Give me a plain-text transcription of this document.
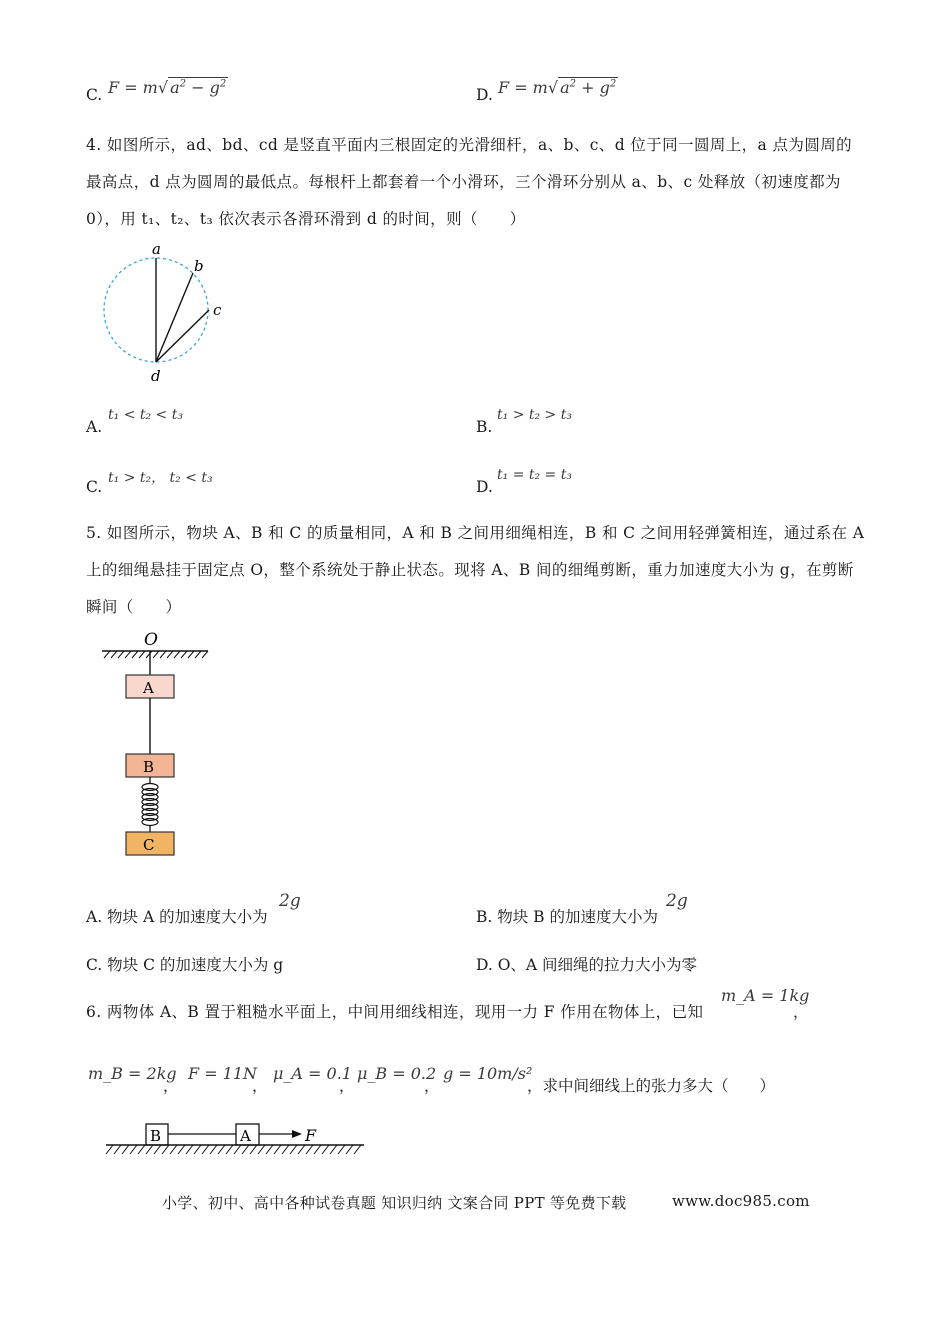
C. F = m√ $a^2 - g^2$
D. F = m√ $a^2 + g^2$
4. 如图所示，ad、bd、cd 是竖直平面内三根固定的光滑细杆，a、b、c、d 位于同一圆周上，a 点为圆周的最高点，d 点为圆周的最低点。每根杆上都套着一个小滑环，三个滑环分别从 a、b、c 处释放（初速度都为 0），用 t₁、t₂、t₃ 依次表示各滑环滑到 d 的时间，则（　　）
a
b
c
d
A.
t₁ < t₂ < t₃
B.
t₁ > t₂ > t₃
C. t₁ > t₂， t₂ < t₃	D.
t₁ = t₂ = t₃
5. 如图所示，物块 A、B 和 C 的质量相同，A 和 B 之间用细绳相连，B 和 C 之间用轻弹簧相连，通过系在 A 上的细绳悬挂于固定点 O，整个系统处于静止状态。现将 A、B 间的细绳剪断，重力加速度大小为 g，在剪断瞬间（　　）
O
A
B
C
A. 物块 A 的加速度大小为
2g
B. 物块 B 的加速度大小为
2g
C. 物块 C 的加速度大小为 g	D. O、A 间细绳的拉力大小为零
6. 两物体 A、B 置于粗糙水平面上，中间用细线相连，现用一力 F 作用在物体上，已知
m_A = 1kg
，
m_B = 2kg
，
F = 11N
，
μ_A = 0.1
，
μ_B = 0.2
，
g = 10m/s²
，求中间细线上的张力多大（　　）
B	A	F
小学、初中、高中各种试卷真题 知识归纳 文案合同 PPT 等免费下载	www.doc985.com
